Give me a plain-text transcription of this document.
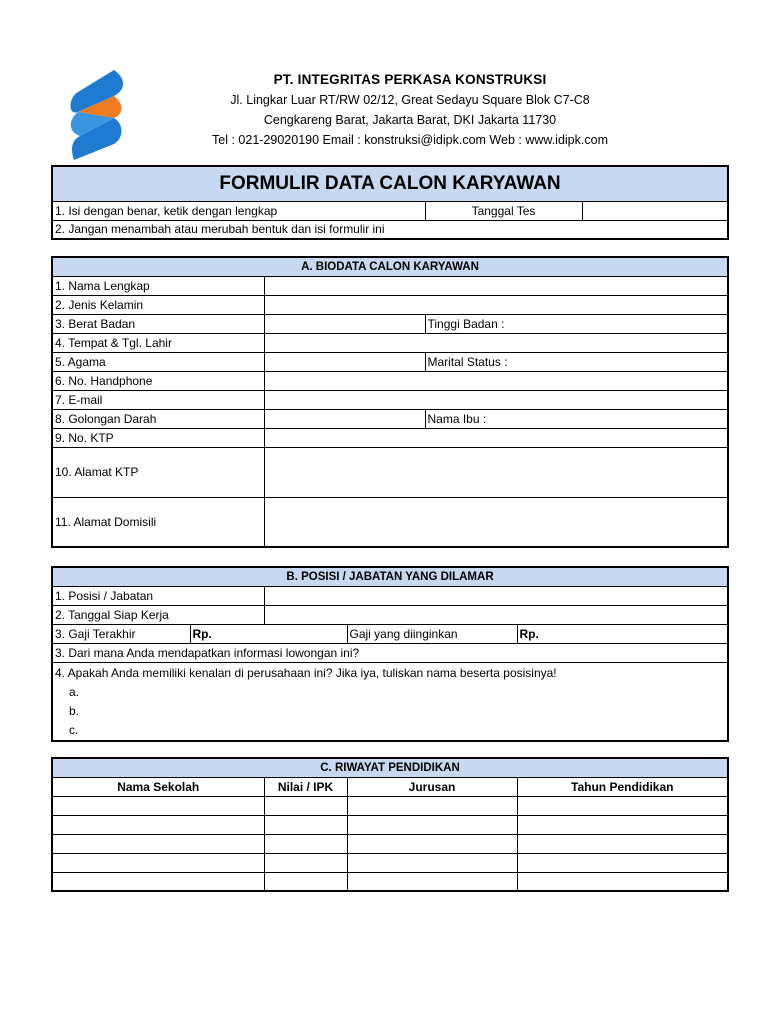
PT. INTEGRITAS PERKASA KONSTRUKSI
Jl. Lingkar Luar RT/RW 02/12, Great Sedayu Square Blok C7-C8
Cengkareng Barat, Jakarta Barat, DKI Jakarta 11730
Tel : 021-29020190 Email : konstruksi@idipk.com Web : www.idipk.com
FORMULIR DATA CALON KARYAWAN
1. Isi dengan benar, ketik dengan lengkap	Tanggal Tes	
2. Jangan menambah atau merubah bentuk dan isi formulir ini
A. BIODATA CALON KARYAWAN		
1. Nama Lengkap		
2. Jenis Kelamin		
3. Berat Badan		Tinggi Badan :
4. Tempat & Tgl. Lahir		
5. Agama		Marital Status :
6. No. Handphone		
7. E-mail		
8. Golongan Darah		Nama Ibu :
9. No. KTP		
10. Alamat KTP		
11. Alamat Domisili		
B. POSISI / JABATAN YANG DILAMAR				
1. Posisi / Jabatan				
2. Tanggal Siap Kerja				
3. Gaji Terakhir	Rp.		Gaji yang diinginkan	Rp.
3. Dari mana Anda mendapatkan informasi lowongan ini?				

4. Apakah Anda memiliki kenalan di perusahaan ini? Jika iya, tuliskan nama beserta posisinya!
a.
b.
c.				
C. RIWAYAT PENDIDIKAN			
Nama Sekolah	Nilai / IPK	Jurusan	Tahun Pendidikan
